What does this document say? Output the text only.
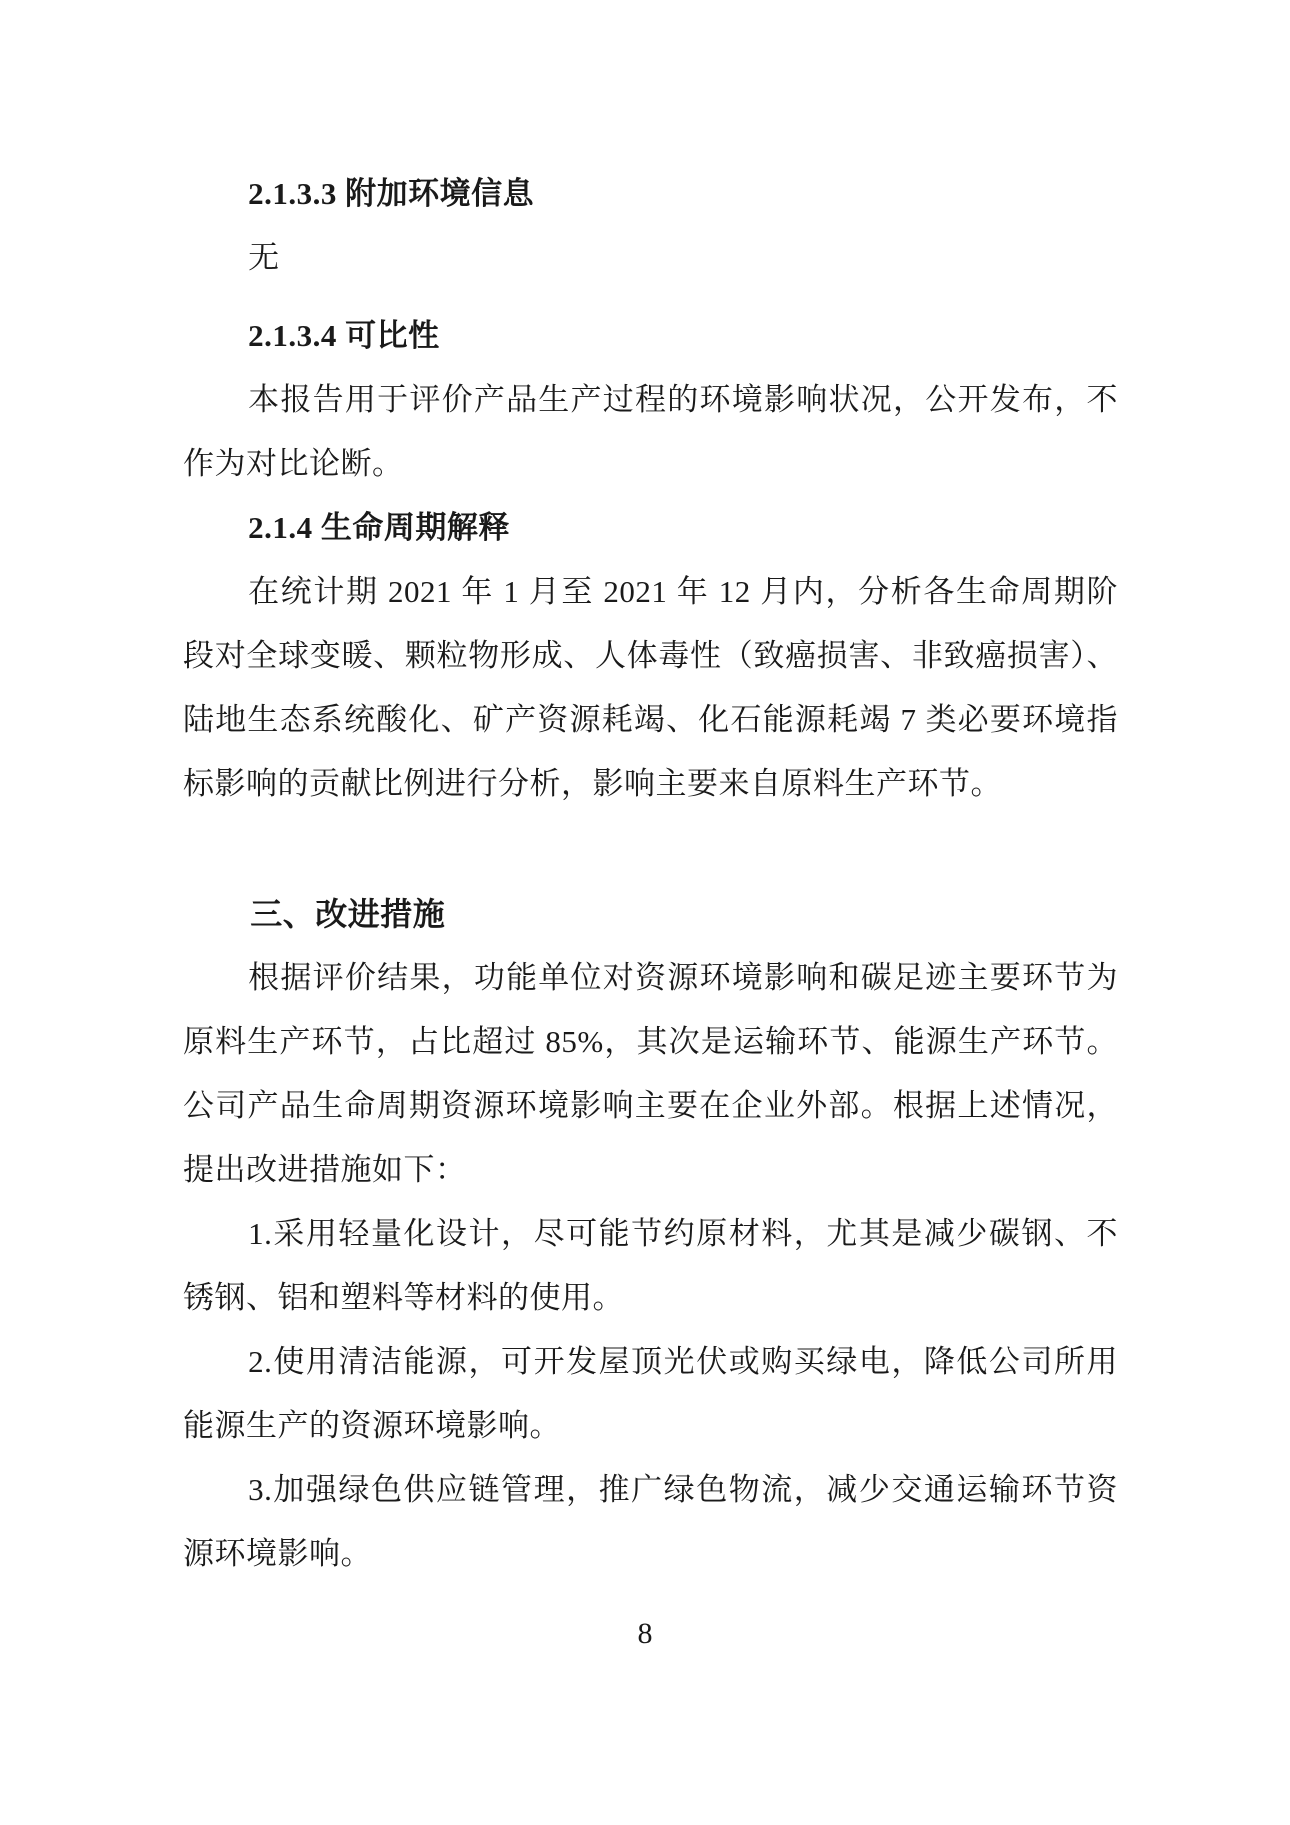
2.1.3.3 附加环境信息

无

2.1.3.4 可比性

本报告用于评价产品生产过程的环境影响状况，公开发布，不作为对比论断。

2.1.4 生命周期解释

在统计期 2021 年 1 月至 2021 年 12 月内，分析各生命周期阶段对全球变暖、颗粒物形成、人体毒性（致癌损害、非致癌损害）、陆地生态系统酸化、矿产资源耗竭、化石能源耗竭 7 类必要环境指标影响的贡献比例进行分析，影响主要来自原料生产环节。

三、改进措施

根据评价结果，功能单位对资源环境影响和碳足迹主要环节为原料生产环节，占比超过 85%，其次是运输环节、能源生产环节。公司产品生命周期资源环境影响主要在企业外部。根据上述情况，提出改进措施如下：

1.采用轻量化设计，尽可能节约原材料，尤其是减少碳钢、不锈钢、铝和塑料等材料的使用。

2.使用清洁能源，可开发屋顶光伏或购买绿电，降低公司所用能源生产的资源环境影响。

3.加强绿色供应链管理，推广绿色物流，减少交通运输环节资源环境影响。

8
